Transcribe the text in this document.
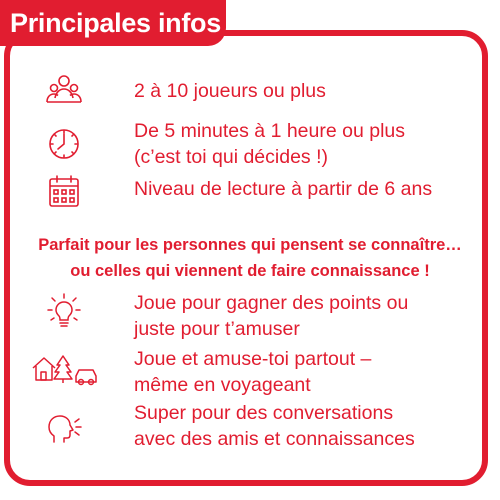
Principales infos
2 à 10 joueurs ou plus
De 5 minutes à 1 heure ou plus
(c’est toi qui décides !)
Niveau de lecture à partir de 6 ans
Parfait pour les personnes qui pensent se connaître…
ou celles qui viennent de faire connaissance !
Joue pour gagner des points ou
juste pour t’amuser
Joue et amuse-toi partout –
même en voyageant
Super pour des conversations
avec des amis et connaissances
